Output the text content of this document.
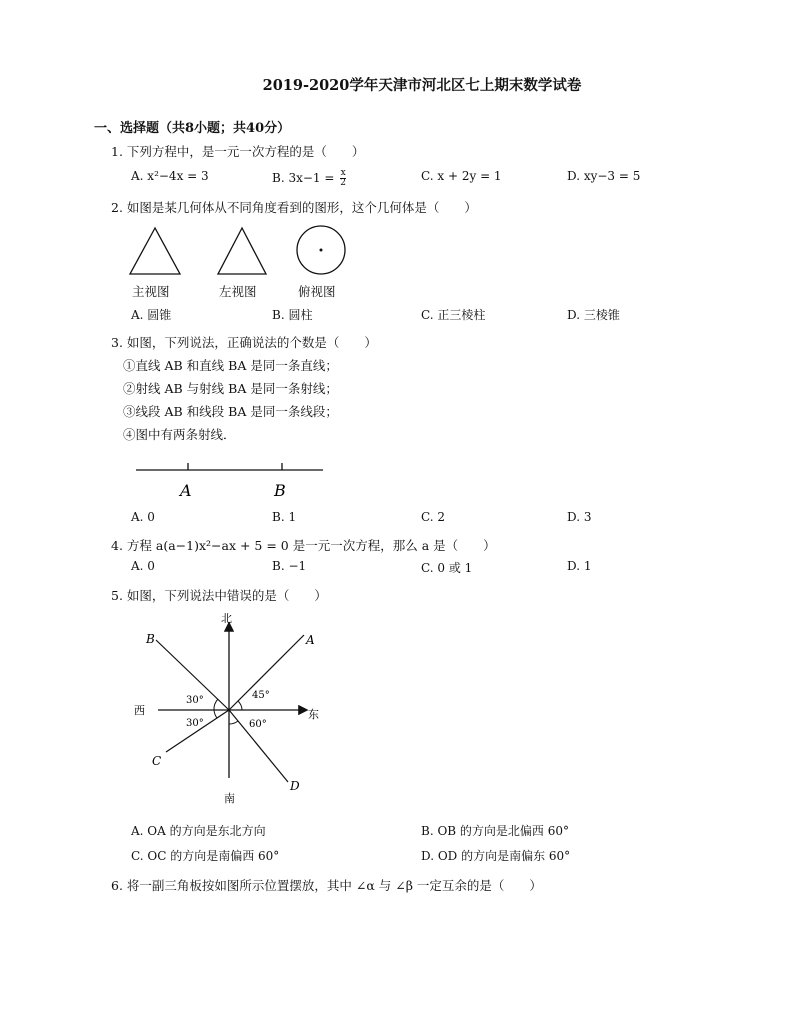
2019-2020学年天津市河北区七上期末数学试卷
一、选择题（共8小题；共40分）
1. 下列方程中，是一元一次方程的是（　　）
A. x²−4x = 3	B. $3x-1 = \frac{x}{2}$	C. x + 2y = 1	D. xy−3 = 5
2. 如图是某几何体从不同角度看到的图形，这个几何体是（　　）
主视图	左视图	俯视图
A. 圆锥	B. 圆柱	C. 正三棱柱	D. 三棱锥
3. 如图，下列说法，正确说法的个数是（　　）
①直线 AB 和直线 BA 是同一条直线；
②射线 AB 与射线 BA 是同一条射线；
③线段 AB 和线段 BA 是同一条线段；
④图中有两条射线．
A	B
A. 0	B. 1	C. 2	D. 3
4. 方程 a(a−1)x²−ax + 5 = 0 是一元一次方程，那么 a 是（　　）
A. 0	B. −1	C. 0 或 1	D. 1
5. 如图，下列说法中错误的是（　　）
北
南
西	东
A
B
C
D
30°
30°
45°
60°
A. OA 的方向是东北方向	B. OB 的方向是北偏西 60°
C. OC 的方向是南偏西 60°	D. OD 的方向是南偏东 60°
6. 将一副三角板按如图所示位置摆放，其中 ∠α 与 ∠β 一定互余的是（　　）
